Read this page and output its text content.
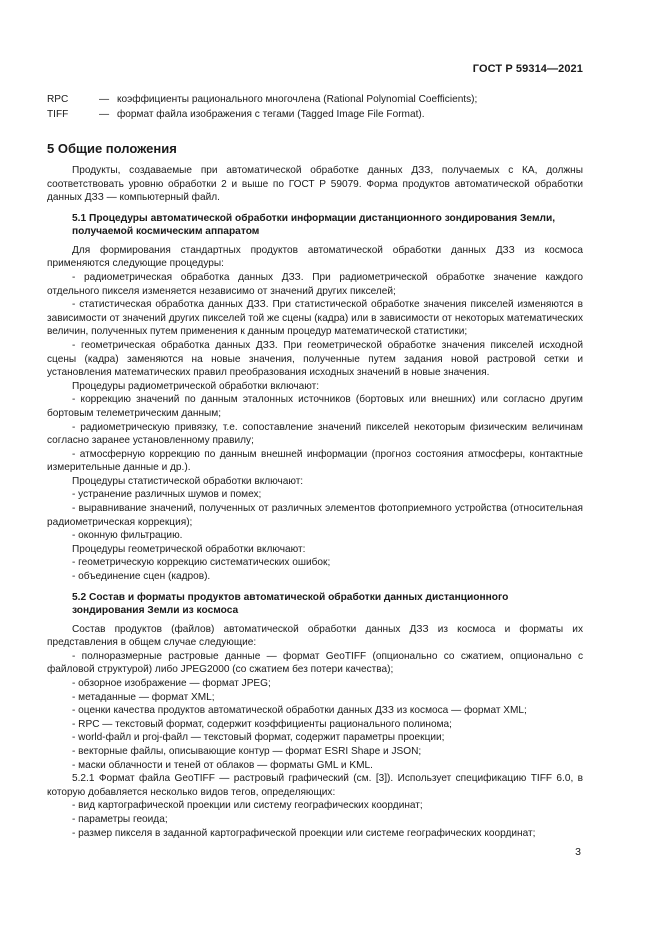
ГОСТ Р 59314—2021
RPC	— коэффициенты рационального многочлена (Rational Polynomial Coefficients);
TIFF	— формат файла изображения с тегами (Tagged Image File Format).
5 Общие положения

Продукты, создаваемые при автоматической обработке данных ДЗЗ, получаемых с КА, должны соответствовать уровню обработки 2 и выше по ГОСТ Р 59079. Форма продуктов автоматической обработки данных ДЗЗ — компьютерный файл.

5.1 Процедуры автоматической обработки информации дистанционного зондирования Земли, получаемой космическим аппаратом

Для формирования стандартных продуктов автоматической обработки данных ДЗЗ из космоса применяются следующие процедуры:

- радиометрическая обработка данных ДЗЗ. При радиометрической обработке значение каждого отдельного пикселя изменяется независимо от значений других пикселей;

- статистическая обработка данных ДЗЗ. При статистической обработке значения пикселей изменяются в зависимости от значений других пикселей той же сцены (кадра) или в зависимости от некоторых математических величин, полученных путем применения к данным процедур математической статистики;

- геометрическая обработка данных ДЗЗ. При геометрической обработке значения пикселей исходной сцены (кадра) заменяются на новые значения, полученные путем задания новой растровой сетки и установления математических правил преобразования исходных значений в новые значения.

Процедуры радиометрической обработки включают:

- коррекцию значений по данным эталонных источников (бортовых или внешних) или согласно другим бортовым телеметрическим данным;

- радиометрическую привязку, т.е. сопоставление значений пикселей некоторым физическим величинам согласно заранее установленному правилу;

- атмосферную коррекцию по данным внешней информации (прогноз состояния атмосферы, контактные измерительные данные и др.).

Процедуры статистической обработки включают:

- устранение различных шумов и помех;

- выравнивание значений, полученных от различных элементов фотоприемного устройства (относительная радиометрическая коррекция);

- оконную фильтрацию.

Процедуры геометрической обработки включают:

- геометрическую коррекцию систематических ошибок;

- объединение сцен (кадров).

5.2 Состав и форматы продуктов автоматической обработки данных дистанционного зондирования Земли из космоса

Состав продуктов (файлов) автоматической обработки данных ДЗЗ из космоса и форматы их представления в общем случае следующие:

- полноразмерные растровые данные — формат GeoTIFF (опционально со сжатием, опционально с файловой структурой) либо JPEG2000 (со сжатием без потери качества);

- обзорное изображение — формат JPEG;

- метаданные — формат XML;

- оценки качества продуктов автоматической обработки данных ДЗЗ из космоса — формат XML;

- RPC — текстовый формат, содержит коэффициенты рационального полинома;

- world-файл и proj-файл — текстовый формат, содержит параметры проекции;

- векторные файлы, описывающие контур — формат ESRI Shape и JSON;

- маски облачности и теней от облаков — форматы GML и KML.

5.2.1 Формат файла GeoTIFF — растровый графический (см. [3]). Использует спецификацию TIFF 6.0, в которую добавляется несколько видов тегов, определяющих:

- вид картографической проекции или систему географических координат;

- параметры геоида;

- размер пикселя в заданной картографической проекции или системе географических координат;

3
